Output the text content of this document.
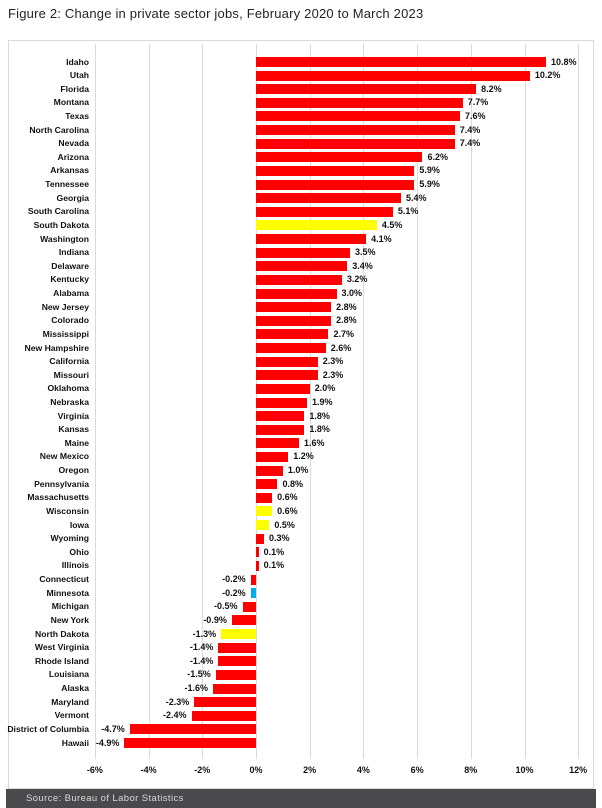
Figure 2: Change in private sector jobs, February 2020 to March 2023
-6%	-4%	-2%	0%	2%	4%	6%	8%	10%	12%
Idaho	10.8%
Utah	10.2%
Florida	8.2%
Montana	7.7%
Texas	7.6%
North Carolina	7.4%
Nevada	7.4%
Arizona	6.2%
Arkansas	5.9%
Tennessee	5.9%
Georgia	5.4%
South Carolina	5.1%
South Dakota	4.5%
Washington	4.1%
Indiana	3.5%
Delaware	3.4%
Kentucky	3.2%
Alabama	3.0%
New Jersey	2.8%
Colorado	2.8%
Mississippi	2.7%
New Hampshire	2.6%
California	2.3%
Missouri	2.3%
Oklahoma	2.0%
Nebraska	1.9%
Virginia	1.8%
Kansas	1.8%
Maine	1.6%
New Mexico	1.2%
Oregon	1.0%
Pennsylvania	0.8%
Massachusetts	0.6%
Wisconsin	0.6%
Iowa	0.5%
Wyoming	0.3%
Ohio	0.1%
Illinois	0.1%
Connecticut	-0.2%
Minnesota	-0.2%
Michigan	-0.5%
New York	-0.9%
North Dakota	-1.3%
West Virginia	-1.4%
Rhode Island	-1.4%
Louisiana	-1.5%
Alaska	-1.6%
Maryland	-2.3%
Vermont	-2.4%
District of Columbia -4.7%
Hawaii -4.9%
Source: Bureau of Labor Statistics
